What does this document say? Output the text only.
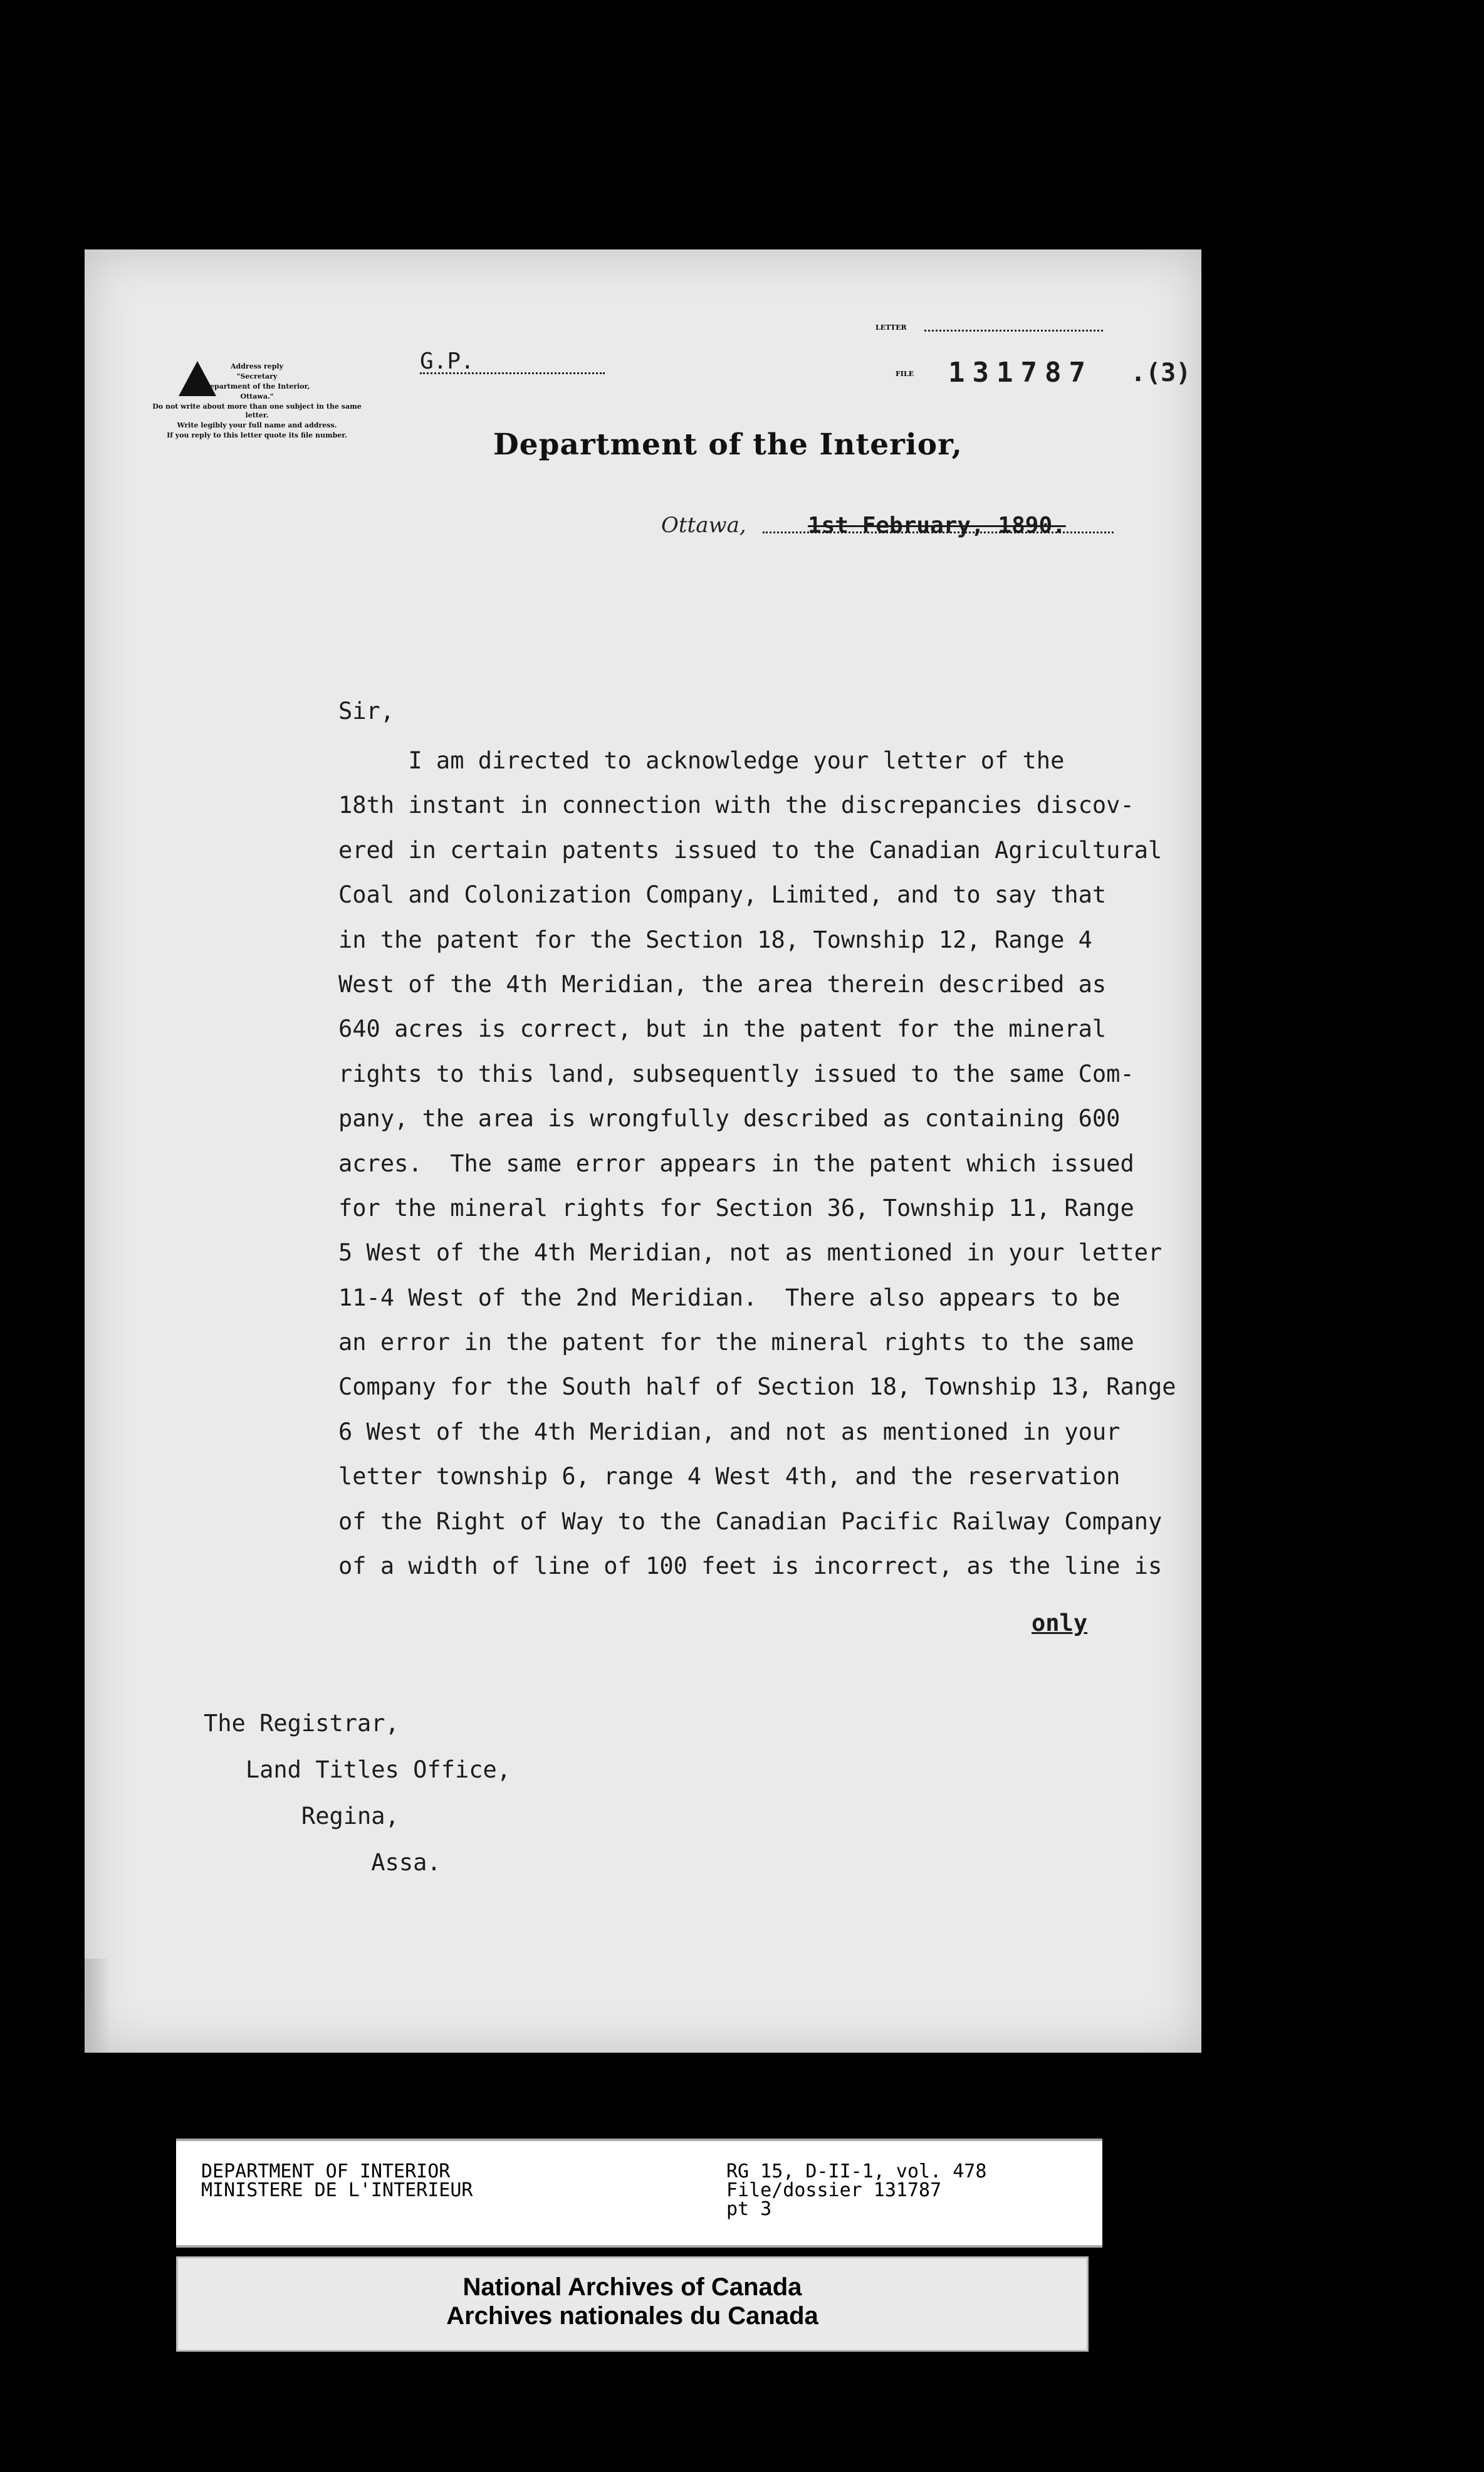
Address reply

"Secretary

Department of the Interior,

Ottawa."

Do not write about more than one subject in the same letter.

Write legibly your full name and address.

If you reply to this letter quote its file number.

G.P.
LETTER
FILE 131787 .(3)
Department of the Interior,
Ottawa,	1st February, 1890.
Sir,
I am directed to acknowledge your letter of the
18th instant in connection with the discrepancies discov-
ered in certain patents issued to the Canadian Agricultural
Coal and Colonization Company, Limited, and to say that
in the patent for the Section 18, Township 12, Range 4
West of the 4th Meridian, the area therein described as
640 acres is correct, but in the patent for the mineral
rights to this land, subsequently issued to the same Com-
pany, the area is wrongfully described as containing 600
acres.  The same error appears in the patent which issued
for the mineral rights for Section 36, Township 11, Range
5 West of the 4th Meridian, not as mentioned in your letter
11-4 West of the 2nd Meridian.  There also appears to be
an error in the patent for the mineral rights to the same
Company for the South half of Section 18, Township 13, Range
6 West of the 4th Meridian, and not as mentioned in your
letter township 6, range 4 West 4th, and the reservation
of the Right of Way to the Canadian Pacific Railway Company
of a width of line of 100 feet is incorrect, as the line is
only
The Registrar,
Land Titles Office,
Regina,
Assa.
DEPARTMENT OF INTERIOR
MINISTERE DE L'INTERIEUR
RG 15, D-II-1, vol. 478
File/dossier 131787
pt 3
National Archives of Canada
Archives nationales du Canada
